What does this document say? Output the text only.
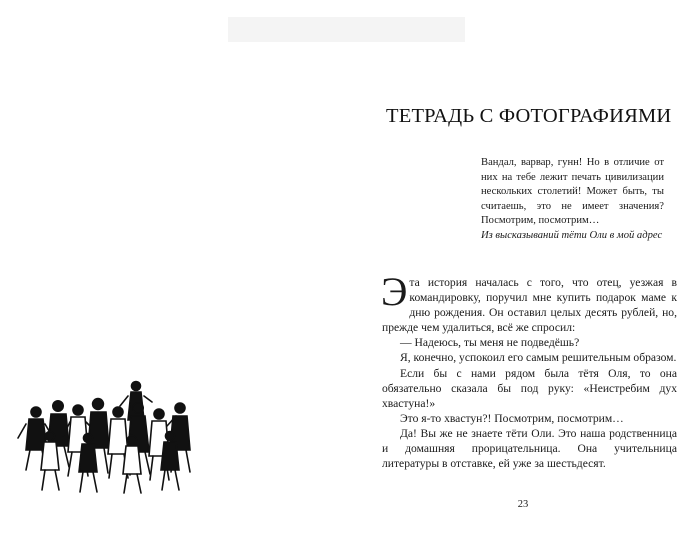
ТЕТРАДЬ С ФОТОГРАФИЯМИ
Вандал, варвар, гунн! Но в отличие от них на тебе лежит печать цивилизации нескольких столетий! Может быть, ты считаешь, это не имеет значения? Посмотрим, посмотрим…
Из высказываний тёти Оли в мой адрес

Эта история началась с того, что отец, уезжая в командировку, поручил мне купить подарок маме к дню рождения. Он оставил целых десять рублей, но, прежде чем удалиться, всё же спросил:

— Надеюсь, ты меня не подведёшь?

Я, конечно, успокоил его самым решительным образом.

Если бы с нами рядом была тётя Оля, то она обязательно сказала бы под руку: «Неистребим дух хвастуна!»

Это я-то хвастун?! Посмотрим, посмотрим…

Да! Вы же не знаете тёти Оли. Это наша родственница и домашняя прорицательница. Она учительница литературы в отставке, ей уже за шестьдесят.

23
